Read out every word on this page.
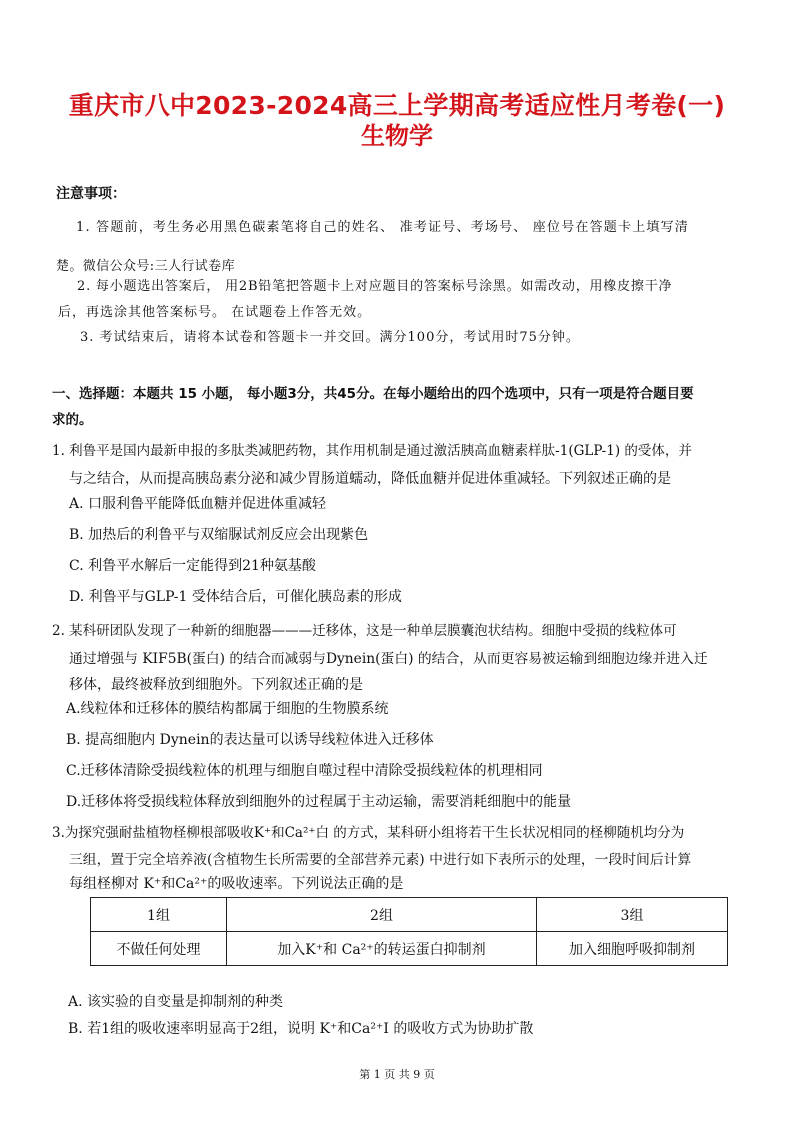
重庆市八中2023-2024高三上学期高考适应性月考卷(一)
生物学
注意事项：
1. 答题前，考生务必用黑色碳素笔将自己的姓名、 准考证号、考场号、 座位号在答题卡上填写清
楚。微信公众号:三人行试卷库
2. 每小题选出答案后， 用2B铅笔把答题卡上对应题目的答案标号涂黑。如需改动，用橡皮擦干净
后，再选涂其他答案标号。 在试题卷上作答无效。
3. 考试结束后，请将本试卷和答题卡一并交回。满分100分，考试用时75分钟。
一、选择题：本题共 15 小题， 每小题3分，共45分。在每小题给出的四个选项中，只有一项是符合题目要
求的。
1. 利鲁平是国内最新申报的多肽类减肥药物，其作用机制是通过激活胰高血糖素样肽-1(GLP-1) 的受体，并
与之结合，从而提高胰岛素分泌和减少胃肠道蠕动，降低血糖并促进体重减轻。下列叙述正确的是
A. 口服利鲁平能降低血糖并促进体重减轻
B. 加热后的利鲁平与双缩脲试剂反应会出现紫色
C. 利鲁平水解后一定能得到21种氨基酸
D. 利鲁平与GLP-1 受体结合后，可催化胰岛素的形成
2. 某科研团队发现了一种新的细胞器———迁移体，这是一种单层膜囊泡状结构。细胞中受损的线粒体可
通过增强与 KIF5B(蛋白) 的结合而减弱与Dynein(蛋白) 的结合，从而更容易被运输到细胞边缘并进入迁
移体，最终被释放到细胞外。下列叙述正确的是
A.线粒体和迁移体的膜结构都属于细胞的生物膜系统
B. 提高细胞内 Dynein的表达量可以诱导线粒体进入迁移体
C.迁移体清除受损线粒体的机理与细胞自噬过程中清除受损线粒体的机理相同
D.迁移体将受损线粒体释放到细胞外的过程属于主动运输，需要消耗细胞中的能量
3.为探究强耐盐植物柽柳根部吸收K⁺和Ca²⁺白 的方式，某科研小组将若干生长状况相同的柽柳随机均分为
三组，置于完全培养液(含植物生长所需要的全部营养元素) 中进行如下表所示的处理，一段时间后计算
每组柽柳对 K⁺和Ca²⁺的吸收速率。下列说法正确的是
1组	2组	3组
不做任何处理	加入K⁺和 Ca²⁺的转运蛋白抑制剂	加入细胞呼吸抑制剂
A. 该实验的自变量是抑制剂的种类
B. 若1组的吸收速率明显高于2组，说明 K⁺和Ca²⁺I 的吸收方式为协助扩散
第 1 页 共 9 页
